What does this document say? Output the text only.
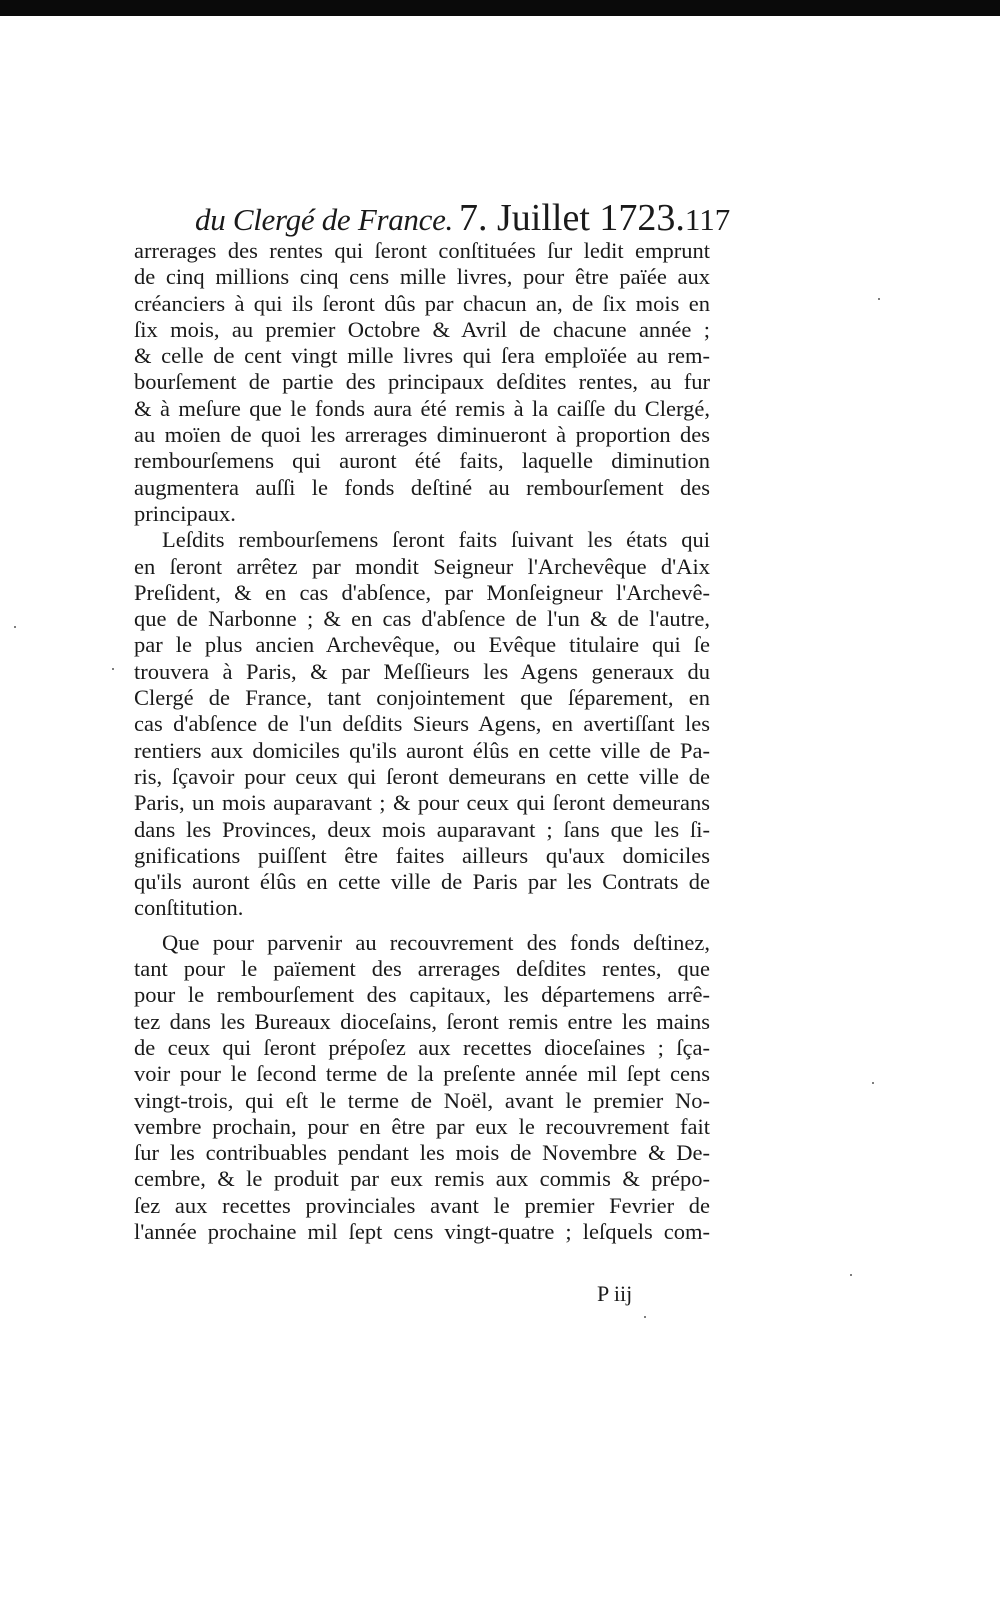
du Clergé de France. 7. Juillet 1723. 117
arrerages des rentes qui ſeront conſtituées ſur ledit emprunt
de cinq millions cinq cens mille livres, pour être païée aux
créanciers à qui ils ſeront dûs par chacun an, de ſix mois en
ſix mois, au premier Octobre & Avril de chacune année ;
& celle de cent vingt mille livres qui ſera emploïée au rem-
bourſement de partie des principaux deſdites rentes, au fur
& à meſure que le fonds aura été remis à la caiſſe du Clergé,
au moïen de quoi les arrerages diminueront à proportion des
rembourſemens qui auront été faits, laquelle diminution
augmentera auſſi le fonds deſtiné au rembourſement des
principaux.
Leſdits rembourſemens ſeront faits ſuivant les états qui
en ſeront arrêtez par mondit Seigneur l'Archevêque d'Aix
Preſident, & en cas d'abſence, par Monſeigneur l'Archevê-
que de Narbonne ; & en cas d'abſence de l'un & de l'autre,
par le plus ancien Archevêque, ou Evêque titulaire qui ſe
trouvera à Paris, & par Meſſieurs les Agens generaux du
Clergé de France, tant conjointement que ſéparement, en
cas d'abſence de l'un deſdits Sieurs Agens, en avertiſſant les
rentiers aux domiciles qu'ils auront élûs en cette ville de Pa-
ris, ſçavoir pour ceux qui ſeront demeurans en cette ville de
Paris, un mois auparavant ; & pour ceux qui ſeront demeurans
dans les Provinces, deux mois auparavant ; ſans que les ſi-
gnifications puiſſent être faites ailleurs qu'aux domiciles
qu'ils auront élûs en cette ville de Paris par les Contrats de
conſtitution.
Que pour parvenir au recouvrement des fonds deſtinez,
tant pour le païement des arrerages deſdites rentes, que
pour le rembourſement des capitaux, les départemens arrê-
tez dans les Bureaux dioceſains, ſeront remis entre les mains
de ceux qui ſeront prépoſez aux recettes dioceſaines ; ſça-
voir pour le ſecond terme de la preſente année mil ſept cens
vingt-trois, qui eſt le terme de Noël, avant le premier No-
vembre prochain, pour en être par eux le recouvrement fait
ſur les contribuables pendant les mois de Novembre & De-
cembre, & le produit par eux remis aux commis & prépo-
ſez aux recettes provinciales avant le premier Fevrier de
l'année prochaine mil ſept cens vingt-quatre ; leſquels com-
P iij
